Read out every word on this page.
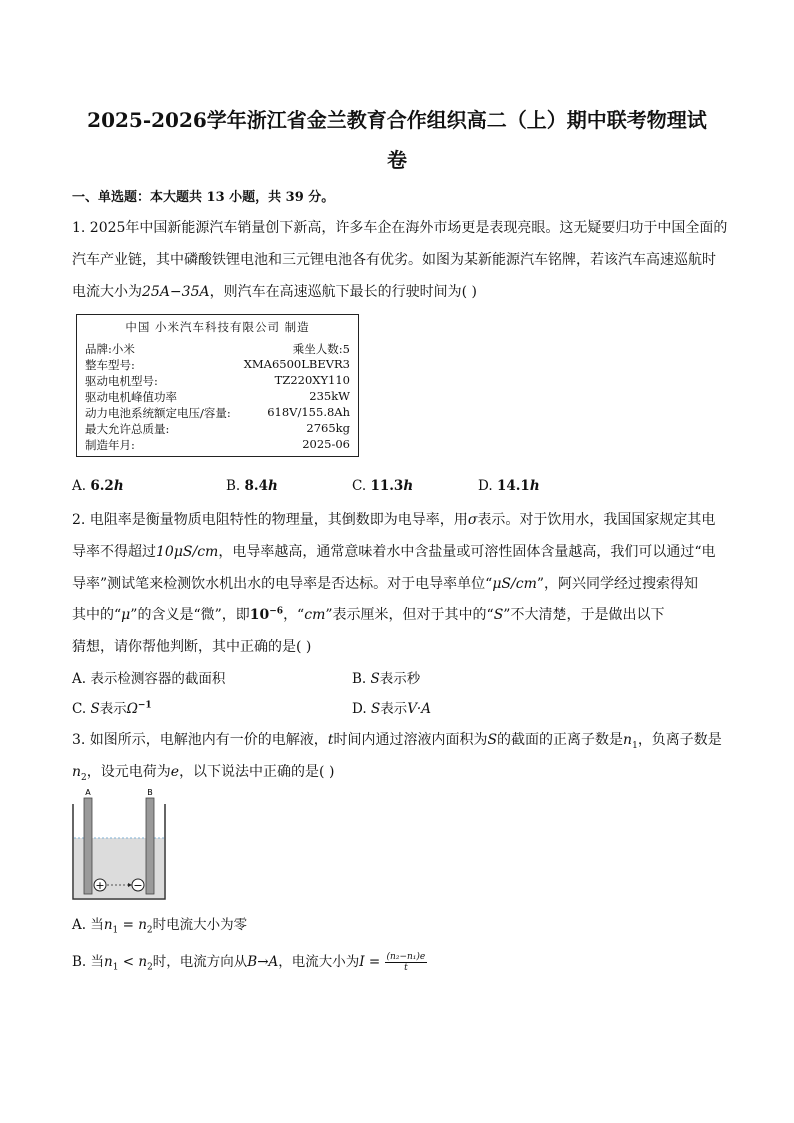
2025-2026学年浙江省金兰教育合作组织高二（上）期中联考物理试
卷
一、单选题：本大题共 13 小题，共 39 分。
1. 2025年中国新能源汽车销量创下新高，许多车企在海外市场更是表现亮眼。这无疑要归功于中国全面的
汽车产业链，其中磷酸铁锂电池和三元锂电池各有优劣。如图为某新能源汽车铭牌，若该汽车高速巡航时
电流大小为25A−35A，则汽车在高速巡航下最长的行驶时间为( )
中国 小米汽车科技有限公司 制造
品牌:小米	乘坐人数:5
整车型号:	XMA6500LBEVR3
驱动电机型号:	TZ220XY110
驱动电机峰值功率	235kW
动力电池系统额定电压/容量:	618V/155.8Ah
最大允许总质量:	2765kg
制造年月:	2025-06
A. 6.2h	B. 8.4h	C. 11.3h	D. 14.1h
2. 电阻率是衡量物质电阻特性的物理量，其倒数即为电导率，用σ表示。对于饮用水，我国国家规定其电
导率不得超过10μS/cm，电导率越高，通常意味着水中含盐量或可溶性固体含量越高，我们可以通过“电
导率”测试笔来检测饮水机出水的电导率是否达标。对于电导率单位“μS/cm”，阿兴同学经过搜索得知
其中的“μ”的含义是“微”，即$10^{-6}$，“cm”表示厘米，但对于其中的“S”不大清楚，于是做出以下
猜想，请你帮他判断，其中正确的是( )
A. 表示检测容器的截面积	B. S表示秒
C. S表示$\Omega^{-1}$	D. S表示V·A
3. 如图所示，电解池内有一价的电解液，t时间内通过溶液内面积为S的截面的正离子数是$n_1$，负离子数是
$n_2$，设元电荷为e，以下说法中正确的是( )
A	B
+	−
A. 当$n_1 = n_2$时电流大小为零
B. 当$n_1 < n_2$时，电流方向从B→A，电流大小为$I = \frac{\text{(n₂−n₁)e}}{t}$
